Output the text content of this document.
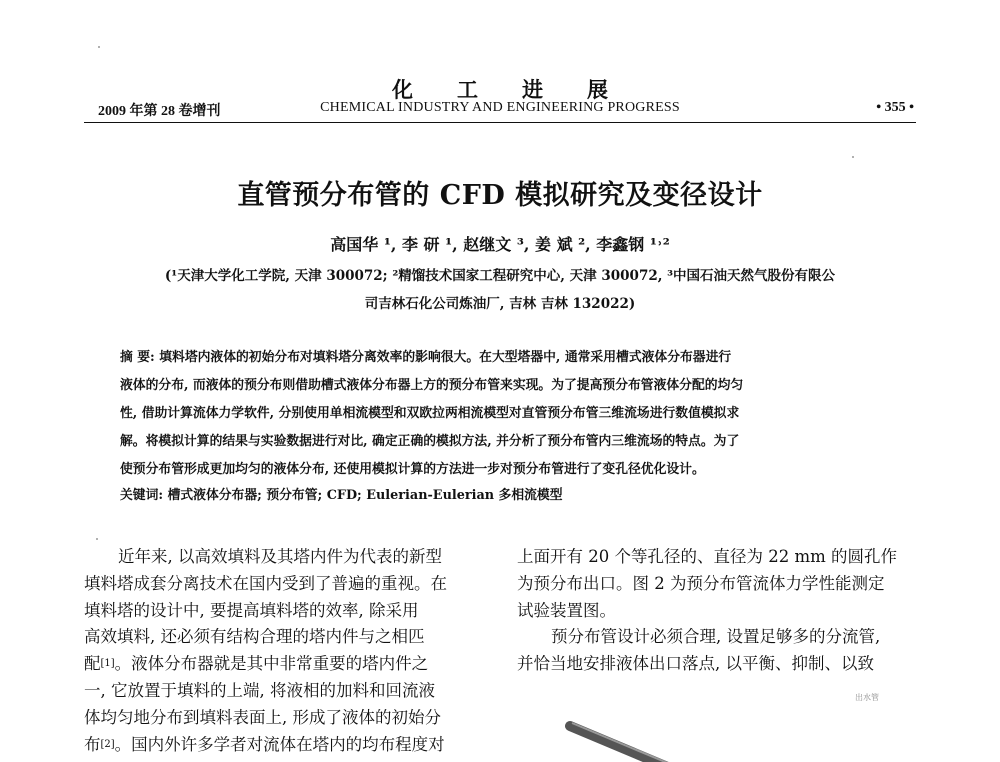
化工进展
2009 年第 28 卷增刊	CHEMICAL INDUSTRY AND ENGINEERING PROGRESS	• 355 •
直管预分布管的 CFD 模拟研究及变径设计
高国华 ¹, 李 研 ¹, 赵继文 ³, 姜 斌 ², 李鑫钢 ¹˒²
(¹天津大学化工学院, 天津 300072; ²精馏技术国家工程研究中心, 天津 300072, ³中国石油天然气股份有限公
司吉林石化公司炼油厂, 吉林 吉林 132022)

摘 要: 填料塔内液体的初始分布对填料塔分离效率的影响很大。在大型塔器中, 通常采用槽式液体分布器进行

液体的分布, 而液体的预分布则借助槽式液体分布器上方的预分布管来实现。为了提高预分布管液体分配的均匀

性, 借助计算流体力学软件, 分别使用单相流模型和双欧拉两相流模型对直管预分布管三维流场进行数值模拟求

解。将模拟计算的结果与实验数据进行对比, 确定正确的模拟方法, 并分析了预分布管内三维流场的特点。为了

使预分布管形成更加均匀的液体分布, 还使用模拟计算的方法进一步对预分布管进行了变孔径优化设计。

关键词: 槽式液体分布器; 预分布管; CFD; Eulerian-Eulerian 多相流模型

近年来, 以高效填料及其塔内件为代表的新型

填料塔成套分离技术在国内受到了普遍的重视。在

填料塔的设计中, 要提高填料塔的效率, 除采用

高效填料, 还必须有结构合理的塔内件与之相匹

配[1]。液体分布器就是其中非常重要的塔内件之

一, 它放置于填料的上端, 将液相的加料和回流液

体均匀地分布到填料表面上, 形成了液体的初始分

布[2]。国内外许多学者对流体在塔内的均布程度对

上面开有 20 个等孔径的、直径为 22 mm 的圆孔作

为预分布出口。图 2 为预分布管流体力学性能测定

试验装置图。

预分布管设计必须合理, 设置足够多的分流管,

并恰当地安排液体出口落点, 以平衡、抑制、以致

出水管
